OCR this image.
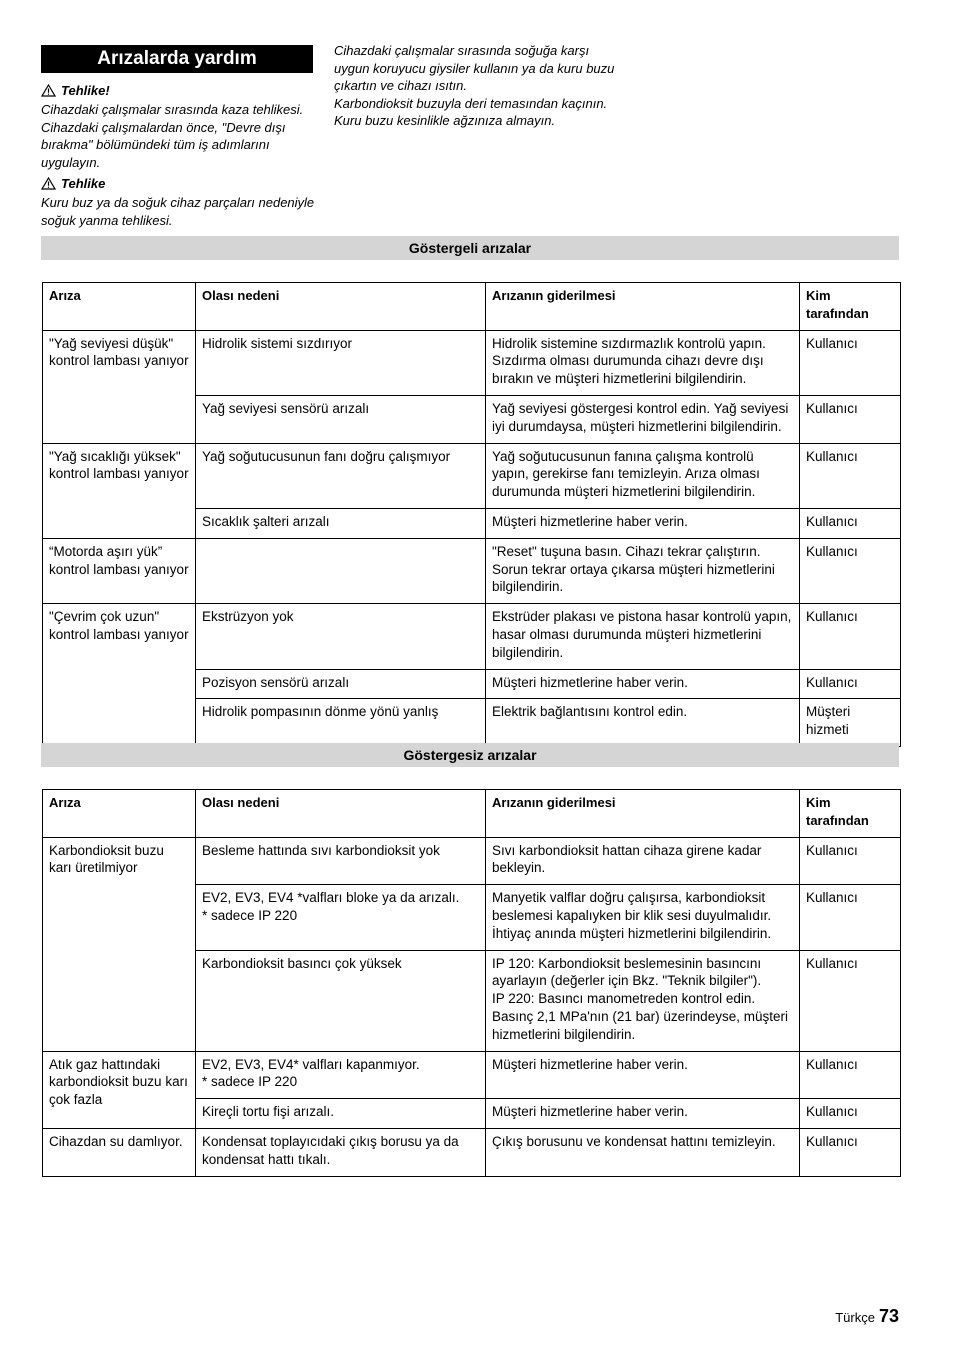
Arızalarda yardım
Tehlike!

Cihazdaki çalışmalar sırasında kaza tehlikesi. Cihazdaki çalışmalardan önce, "Devre dışı bırakma" bölümündeki tüm iş adımlarını uygulayın.

Tehlike

Kuru buz ya da soğuk cihaz parçaları nedeniyle soğuk yanma tehlikesi.

Cihazdaki çalışmalar sırasında soğuğa karşı uygun koruyucu giysiler kullanın ya da kuru buzu çıkartın ve cihazı ısıtın.

Karbondioksit buzuyla deri temasından kaçının.

Kuru buzu kesinlikle ağzınıza almayın.

Göstergeli arızalar
Arıza	Olası nedeni	Arızanın giderilmesi	Kim tarafından
"Yağ seviyesi düşük" kontrol lambası yanıyor	Hidrolik sistemi sızdırıyor	Hidrolik sistemine sızdırmazlık kontrolü yapın. Sızdırma olması durumunda cihazı devre dışı bırakın ve müşteri hizmetlerini bilgilendirin.	Kullanıcı
	Yağ seviyesi sensörü arızalı	Yağ seviyesi göstergesi kontrol edin. Yağ seviyesi iyi durumdaysa, müşteri hizmetlerini bilgilendirin.	Kullanıcı
"Yağ sıcaklığı yüksek" kontrol lambası yanıyor	Yağ soğutucusunun fanı doğru çalışmıyor	Yağ soğutucusunun fanına çalışma kontrolü yapın, gerekirse fanı temizleyin. Arıza olması durumunda müşteri hizmetlerini bilgilendirin.	Kullanıcı
	Sıcaklık şalteri arızalı	Müşteri hizmetlerine haber verin.	Kullanıcı
“Motorda aşırı yük” kontrol lambası yanıyor		"Reset" tuşuna basın. Cihazı tekrar çalıştırın. Sorun tekrar ortaya çıkarsa müşteri hizmetlerini bilgilendirin.	Kullanıcı
"Çevrim çok uzun" kontrol lambası yanıyor	Ekstrüzyon yok	Ekstrüder plakası ve pistona hasar kontrolü yapın, hasar olması durumunda müşteri hizmetlerini bilgilendirin.	Kullanıcı
	Pozisyon sensörü arızalı	Müşteri hizmetlerine haber verin.	Kullanıcı
	Hidrolik pompasının dönme yönü yanlış	Elektrik bağlantısını kontrol edin.	Müşteri hizmeti
Göstergesiz arızalar
Arıza	Olası nedeni	Arızanın giderilmesi	Kim tarafından
Karbondioksit buzu karı üretilmiyor	Besleme hattında sıvı karbondioksit yok	Sıvı karbondioksit hattan cihaza girene kadar bekleyin.	Kullanıcı
	EV2, EV3, EV4 *valfları bloke ya da arızalı.
* sadece IP 220	Manyetik valflar doğru çalışırsa, karbondioksit beslemesi kapalıyken bir klik sesi duyulmalıdır. İhtiyaç anında müşteri hizmetlerini bilgilendirin.	Kullanıcı
	Karbondioksit basıncı çok yüksek	IP 120: Karbondioksit beslemesinin basıncını ayarlayın (değerler için Bkz. "Teknik bilgiler").
IP 220: Basıncı manometreden kontrol edin. Basınç 2,1 MPa'nın (21 bar) üzerindeyse, müşteri hizmetlerini bilgilendirin.	Kullanıcı
Atık gaz hattındaki karbondioksit buzu karı çok fazla	EV2, EV3, EV4* valfları kapanmıyor.
* sadece IP 220	Müşteri hizmetlerine haber verin.	Kullanıcı
	Kireçli tortu fişi arızalı.	Müşteri hizmetlerine haber verin.	Kullanıcı
Cihazdan su damlıyor.	Kondensat toplayıcıdaki çıkış borusu ya da kondensat hattı tıkalı.	Çıkış borusunu ve kondensat hattını temizleyin.	Kullanıcı
Türkçe 73
